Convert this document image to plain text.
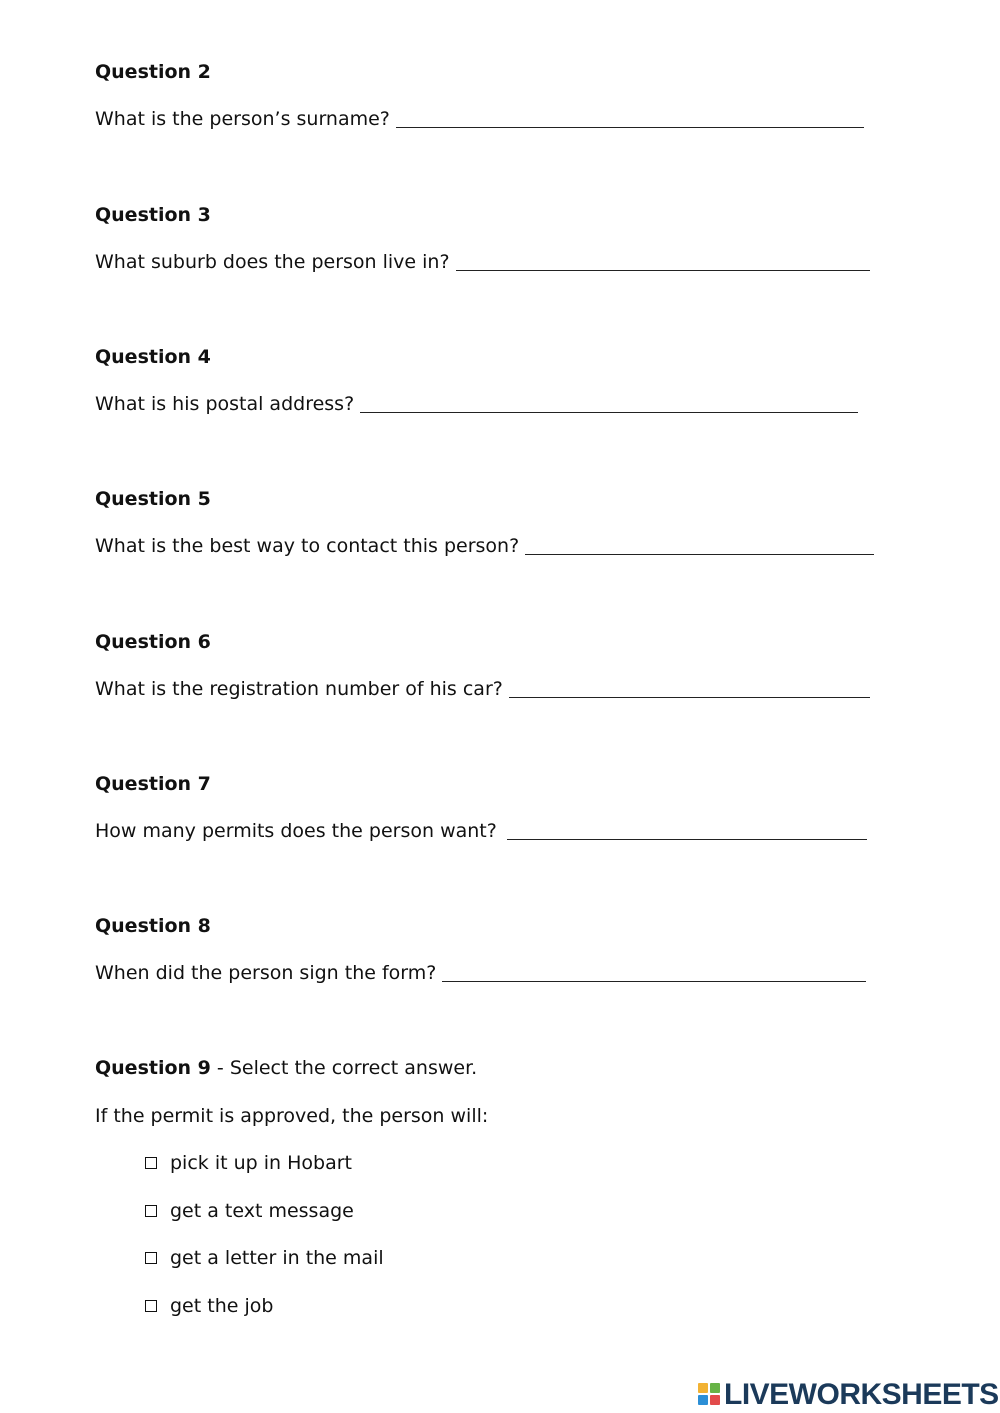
Question 2
What is the person’s surname?
Question 3
What suburb does the person live in?
Question 4
What is his postal address?
Question 5
What is the best way to contact this person?
Question 6
What is the registration number of his car?
Question 7
How many permits does the person want?
Question 8
When did the person sign the form?
Question 9 - Select the correct answer.
If the permit is approved, the person will:
pick it up in Hobart
get a text message
get a letter in the mail
get the job
LIVEWORKSHEETS
